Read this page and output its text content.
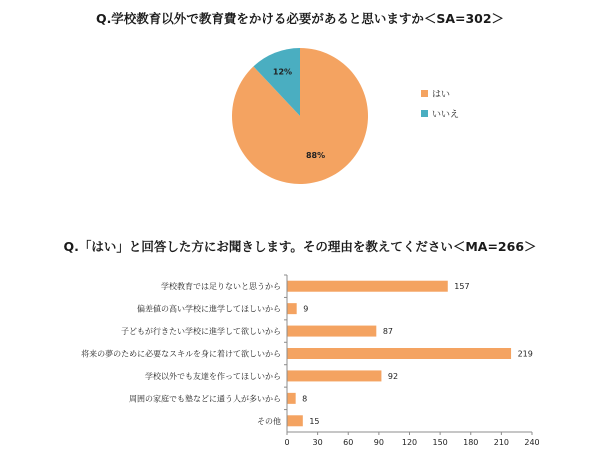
Q.学校教育以外で教育費をかける必要があると思いますか＜SA=302＞
Q.「はい」と回答した方にお聞きします。その理由を教えてください＜MA=266＞
88%
12%
はい
いいえ
0	30	60	90 120 150 180 210 240
学校教育では足りないと思うから	157
偏差値の高い学校に進学してほしいから	9
子どもが行きたい学校に進学して欲しいから	87
将来の夢のために必要なスキルを身に着けて欲しいから	219
学校以外でも友達を作ってほしいから	92
周囲の家庭でも塾などに通う人が多いから	8
その他	15
